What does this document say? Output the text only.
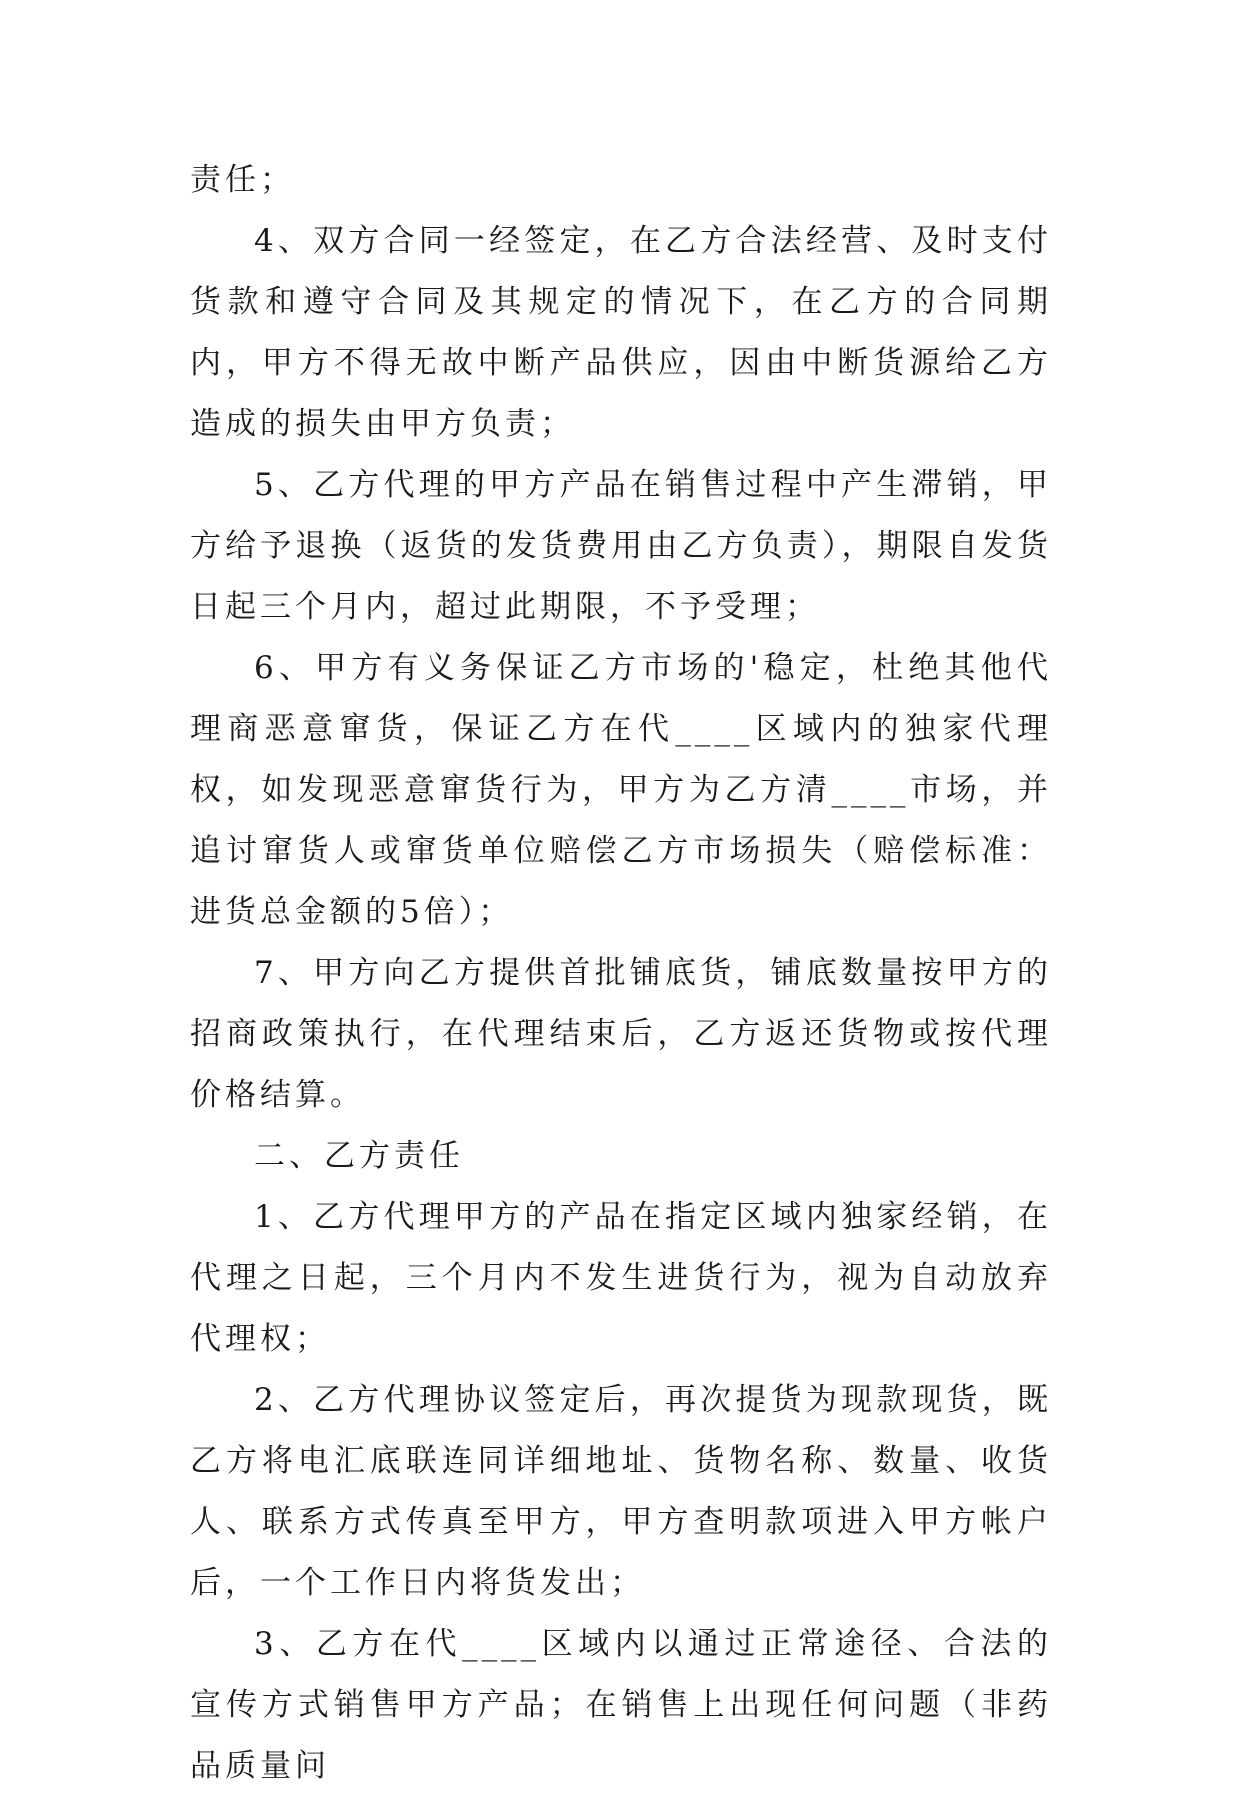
责任；

4、双方合同一经签定，在乙方合法经营、及时支付货款和遵守合同及其规定的情况下，在乙方的合同期内，甲方不得无故中断产品供应，因由中断货源给乙方造成的损失由甲方负责；

5、乙方代理的甲方产品在销售过程中产生滞销，甲方给予退换（返货的发货费用由乙方负责），期限自发货日起三个月内，超过此期限，不予受理；

6、甲方有义务保证乙方市场的'稳定，杜绝其他代理商恶意窜货，保证乙方在代____区域内的独家代理权，如发现恶意窜货行为，甲方为乙方清____市场，并追讨窜货人或窜货单位赔偿乙方市场损失（赔偿标准：进货总金额的5倍）；

7、甲方向乙方提供首批铺底货，铺底数量按甲方的招商政策执行，在代理结束后，乙方返还货物或按代理价格结算。

二、乙方责任

1、乙方代理甲方的产品在指定区域内独家经销，在代理之日起，三个月内不发生进货行为，视为自动放弃代理权；

2、乙方代理协议签定后，再次提货为现款现货，既乙方将电汇底联连同详细地址、货物名称、数量、收货人、联系方式传真至甲方，甲方查明款项进入甲方帐户后，一个工作日内将货发出；

3、乙方在代____区域内以通过正常途径、合法的宣传方式销售甲方产品；在销售上出现任何问题（非药品质量问
